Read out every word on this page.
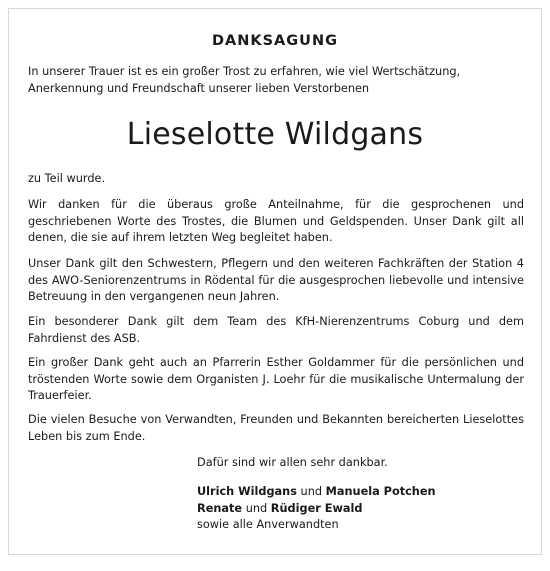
DANKSAGUNG

In unserer Trauer ist es ein großer Trost zu erfahren, wie viel Wertschätzung, Anerkennung und Freundschaft unserer lieben Verstorbenen

Lieselotte Wildgans

zu Teil wurde.

Wir danken für die überaus große Anteilnahme, für die gesprochenen und geschriebenen Worte des Trostes, die Blumen und Geldspenden. Unser Dank gilt all denen, die sie auf ihrem letzten Weg begleitet haben.

Unser Dank gilt den Schwestern, Pflegern und den weiteren Fachkräften der Station 4 des AWO-Seniorenzentrums in Rödental für die ausgesprochen liebevolle und intensive Betreuung in den vergangenen neun Jahren.

Ein besonderer Dank gilt dem Team des KfH-Nierenzentrums Coburg und dem Fahrdienst des ASB.

Ein großer Dank geht auch an Pfarrerin Esther Goldammer für die persönlichen und tröstenden Worte sowie dem Organisten J. Loehr für die musikalische Untermalung der Trauerfeier.

Die vielen Besuche von Verwandten, Freunden und Bekannten bereicherten Lieselottes Leben bis zum Ende.

Dafür sind wir allen sehr dankbar.
Ulrich Wildgans und Manuela Potchen
Renate und Rüdiger Ewald
sowie alle Anverwandten
